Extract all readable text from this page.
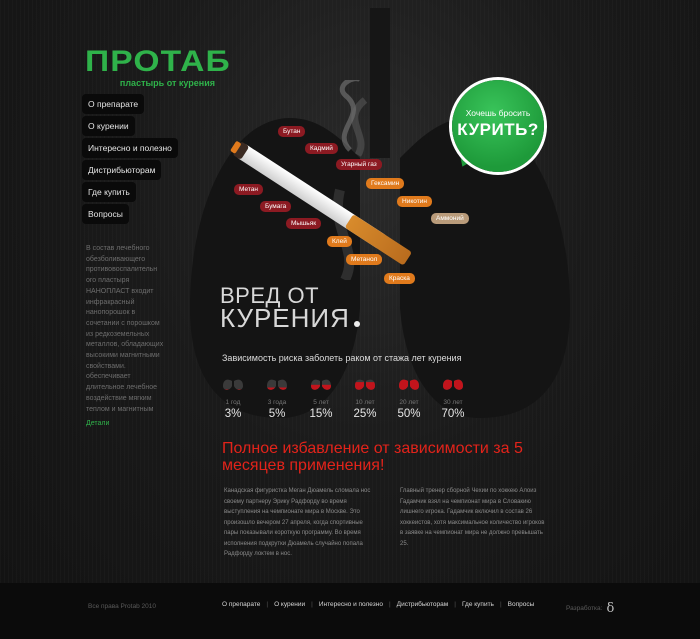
ПРОТАБ
пластырь от курения
О препарате
О курении
Интересно и полезно
Дистрибьюторам
Где купить
Вопросы
В состав лечебного обезболивающего противовоспалительн ого пластыря НАНОПЛАСТ входит инфракрасный нанопорошок в сочетании с порошком из редкоземельных металлов, обладающих высокими магнитными свойствами. обеспечивает длительное лечебное воздействие мягким теплом и магнитным
Детали
Бутан
Кадмий
Угарный газ
Гексамин
Никотин
Аммоний
Метан
Бумага
Мышьяк
Клей
Метанол
Краска
Хочешь бросить
КУРИТЬ?
ВРЕД ОТ
КУРЕНИЯ
Зависимость риска заболеть раком от стажа лет курения
1 год
3%
3 года
5%
5 лет
15%
10 лет
25%
20 лет
50%
30 лет
70%
Полное избавление от зависимости за 5 месяцев применения!
Канадская фигуристка Меган Дюамель сломала нос своему партнеру Эрику Радфорду во время выступления на чемпионате мира в Москве. Это произошло вечером 27 апреля, когда спортивные пары показывали короткую программу. Во время исполнения подкрутки Дюамель случайно попала Радфорду локтем в нос.
Главный тренер сборной Чехии по хоккею Алоиз Гадамчик взял на чемпионат мира в Словакию лишнего игрока. Гадамчик включил в состав 26 хоккеистов, хотя максимальное количество игроков в заявке на чемпионат мира не должно превышать 25.
Все права Protab 2010	О препарате | О курении | Интересно и полезно | Дистрибьюторам | Где купить | Вопросы
Разработка: δ
